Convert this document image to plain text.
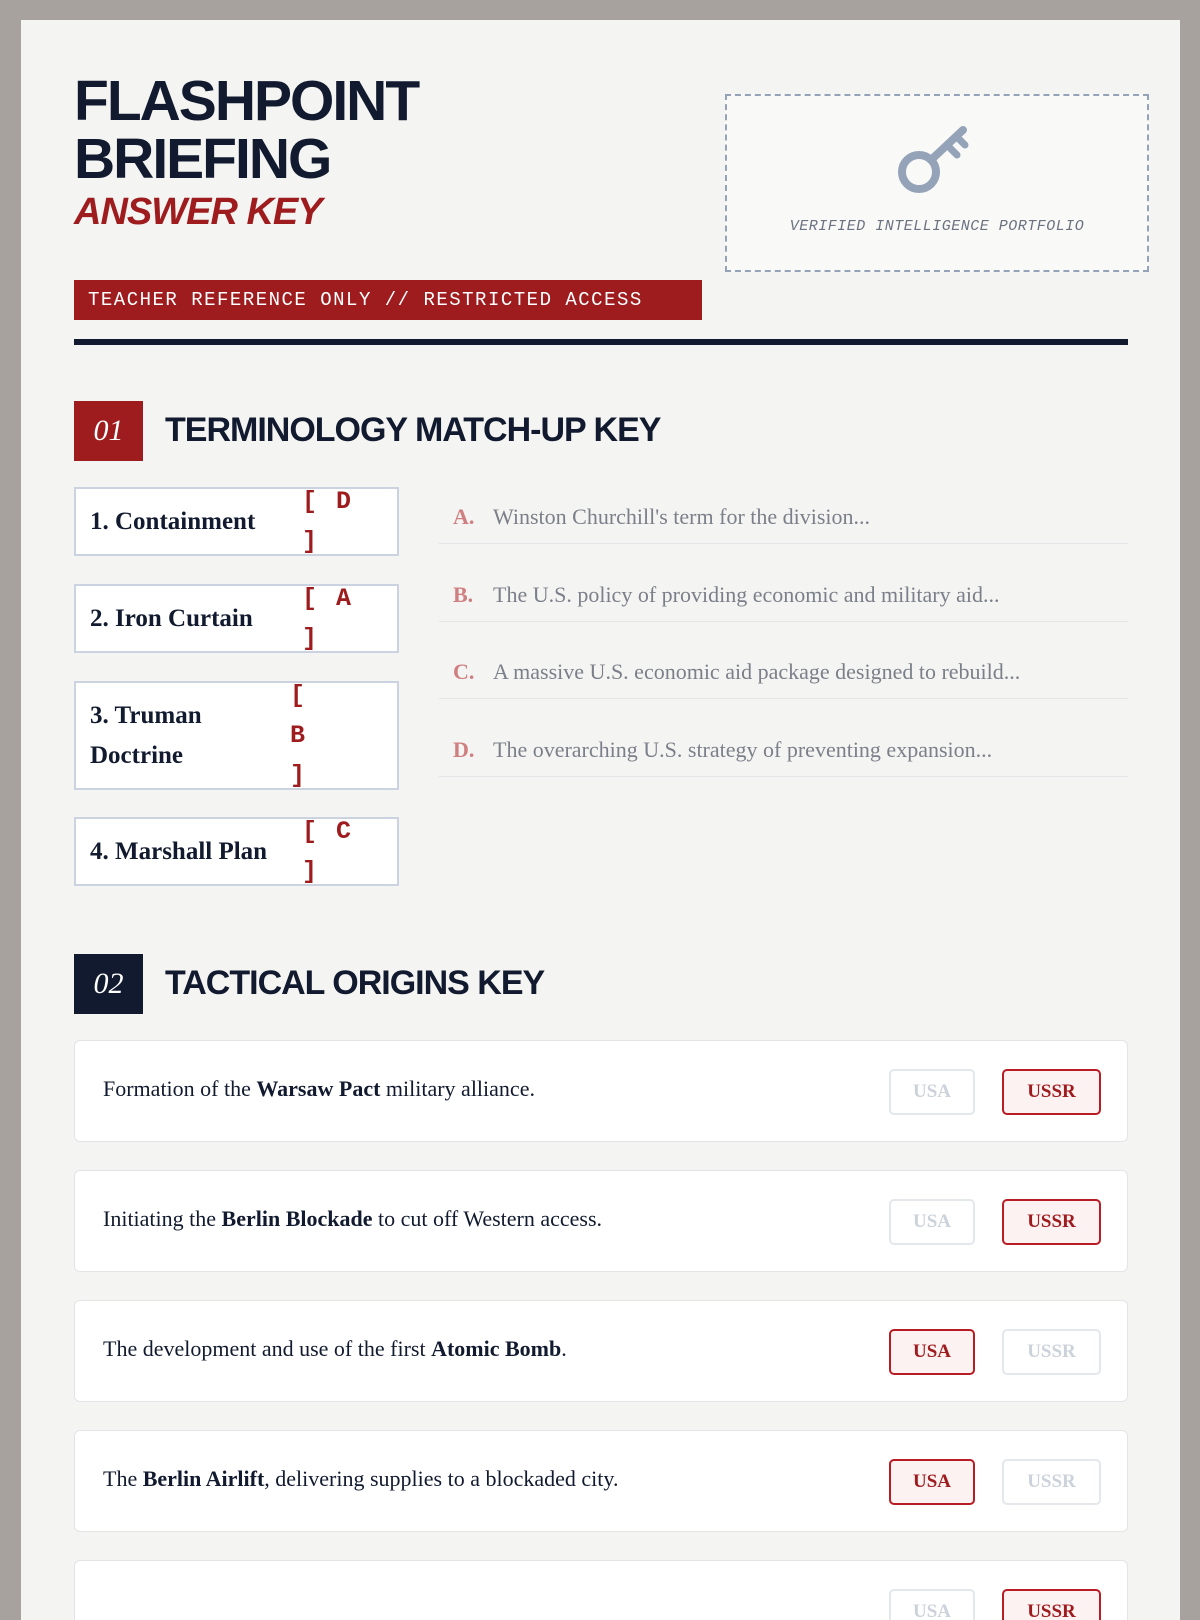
FLASHPOINT BRIEFING
ANSWER KEY
TEACHER REFERENCE ONLY // RESTRICTED ACCESS
VERIFIED INTELLIGENCE PORTFOLIO
01	TERMINOLOGY MATCH-UP KEY
1. Containment
[ D ]
2. Iron Curtain
[ A ]
3. Truman Doctrine
[ B ]
4. Marshall Plan
[ C ]
A. Winston Churchill's term for the division...
B. The U.S. policy of providing economic and military aid...
C. A massive U.S. economic aid package designed to rebuild...
D. The overarching U.S. strategy of preventing expansion...
02	TACTICAL ORIGINS KEY
Formation of the Warsaw Pact military alliance.	USA	USSR
Initiating the Berlin Blockade to cut off Western access.	USA	USSR
The development and use of the first Atomic Bomb.	USA	USSR
The Berlin Airlift, delivering supplies to a blockaded city.	USA	USSR
USA	USSR
